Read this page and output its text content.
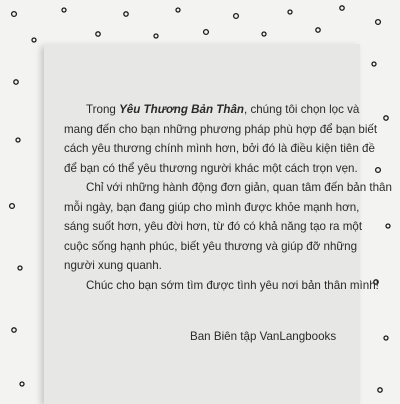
Trong Yêu Thương Bản Thân, chúng tôi chọn lọc và
mang đến cho bạn những phương pháp phù hợp để bạn biết
cách yêu thương chính mình hơn, bởi đó là điều kiện tiên đề
để bạn có thể yêu thương người khác một cách trọn vẹn.

Chỉ với những hành động đơn giản, quan tâm đến bản thân
mỗi ngày, bạn đang giúp cho mình được khỏe mạnh hơn,
sáng suốt hơn, yêu đời hơn, từ đó có khả năng tạo ra một
cuộc sống hạnh phúc, biết yêu thương và giúp đỡ những
người xung quanh.

Chúc cho bạn sớm tìm được tình yêu nơi bản thân mình!

Ban Biên tập VanLangbooks
